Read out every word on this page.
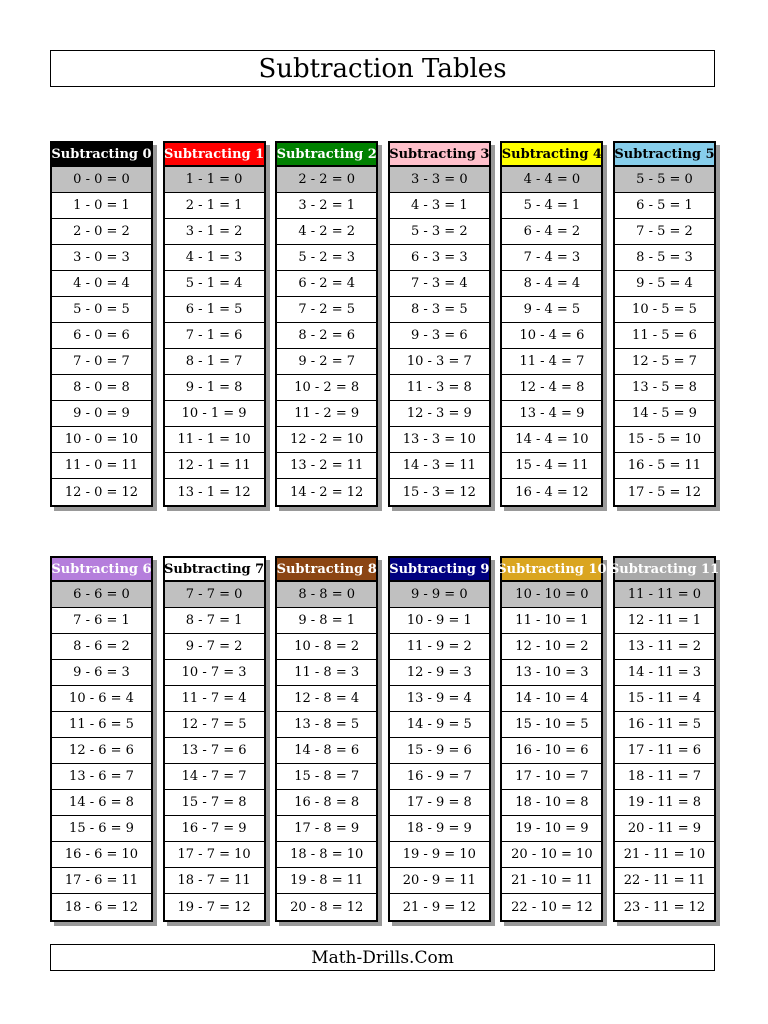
Subtraction Tables
Subtracting 0
0 - 0 = 0
1 - 0 = 1
2 - 0 = 2
3 - 0 = 3
4 - 0 = 4
5 - 0 = 5
6 - 0 = 6
7 - 0 = 7
8 - 0 = 8
9 - 0 = 9
10 - 0 = 10
11 - 0 = 11
12 - 0 = 12
Subtracting 1
1 - 1 = 0
2 - 1 = 1
3 - 1 = 2
4 - 1 = 3
5 - 1 = 4
6 - 1 = 5
7 - 1 = 6
8 - 1 = 7
9 - 1 = 8
10 - 1 = 9
11 - 1 = 10
12 - 1 = 11
13 - 1 = 12
Subtracting 2
2 - 2 = 0
3 - 2 = 1
4 - 2 = 2
5 - 2 = 3
6 - 2 = 4
7 - 2 = 5
8 - 2 = 6
9 - 2 = 7
10 - 2 = 8
11 - 2 = 9
12 - 2 = 10
13 - 2 = 11
14 - 2 = 12
Subtracting 3
3 - 3 = 0
4 - 3 = 1
5 - 3 = 2
6 - 3 = 3
7 - 3 = 4
8 - 3 = 5
9 - 3 = 6
10 - 3 = 7
11 - 3 = 8
12 - 3 = 9
13 - 3 = 10
14 - 3 = 11
15 - 3 = 12
Subtracting 4
4 - 4 = 0
5 - 4 = 1
6 - 4 = 2
7 - 4 = 3
8 - 4 = 4
9 - 4 = 5
10 - 4 = 6
11 - 4 = 7
12 - 4 = 8
13 - 4 = 9
14 - 4 = 10
15 - 4 = 11
16 - 4 = 12
Subtracting 5
5 - 5 = 0
6 - 5 = 1
7 - 5 = 2
8 - 5 = 3
9 - 5 = 4
10 - 5 = 5
11 - 5 = 6
12 - 5 = 7
13 - 5 = 8
14 - 5 = 9
15 - 5 = 10
16 - 5 = 11
17 - 5 = 12
Subtracting 6
6 - 6 = 0
7 - 6 = 1
8 - 6 = 2
9 - 6 = 3
10 - 6 = 4
11 - 6 = 5
12 - 6 = 6
13 - 6 = 7
14 - 6 = 8
15 - 6 = 9
16 - 6 = 10
17 - 6 = 11
18 - 6 = 12
Subtracting 7
7 - 7 = 0
8 - 7 = 1
9 - 7 = 2
10 - 7 = 3
11 - 7 = 4
12 - 7 = 5
13 - 7 = 6
14 - 7 = 7
15 - 7 = 8
16 - 7 = 9
17 - 7 = 10
18 - 7 = 11
19 - 7 = 12
Subtracting 8
8 - 8 = 0
9 - 8 = 1
10 - 8 = 2
11 - 8 = 3
12 - 8 = 4
13 - 8 = 5
14 - 8 = 6
15 - 8 = 7
16 - 8 = 8
17 - 8 = 9
18 - 8 = 10
19 - 8 = 11
20 - 8 = 12
Subtracting 9
9 - 9 = 0
10 - 9 = 1
11 - 9 = 2
12 - 9 = 3
13 - 9 = 4
14 - 9 = 5
15 - 9 = 6
16 - 9 = 7
17 - 9 = 8
18 - 9 = 9
19 - 9 = 10
20 - 9 = 11
21 - 9 = 12
Subtracting 10
10 - 10 = 0
11 - 10 = 1
12 - 10 = 2
13 - 10 = 3
14 - 10 = 4
15 - 10 = 5
16 - 10 = 6
17 - 10 = 7
18 - 10 = 8
19 - 10 = 9
20 - 10 = 10
21 - 10 = 11
22 - 10 = 12
Subtracting 11
11 - 11 = 0
12 - 11 = 1
13 - 11 = 2
14 - 11 = 3
15 - 11 = 4
16 - 11 = 5
17 - 11 = 6
18 - 11 = 7
19 - 11 = 8
20 - 11 = 9
21 - 11 = 10
22 - 11 = 11
23 - 11 = 12
Math-Drills.Com
